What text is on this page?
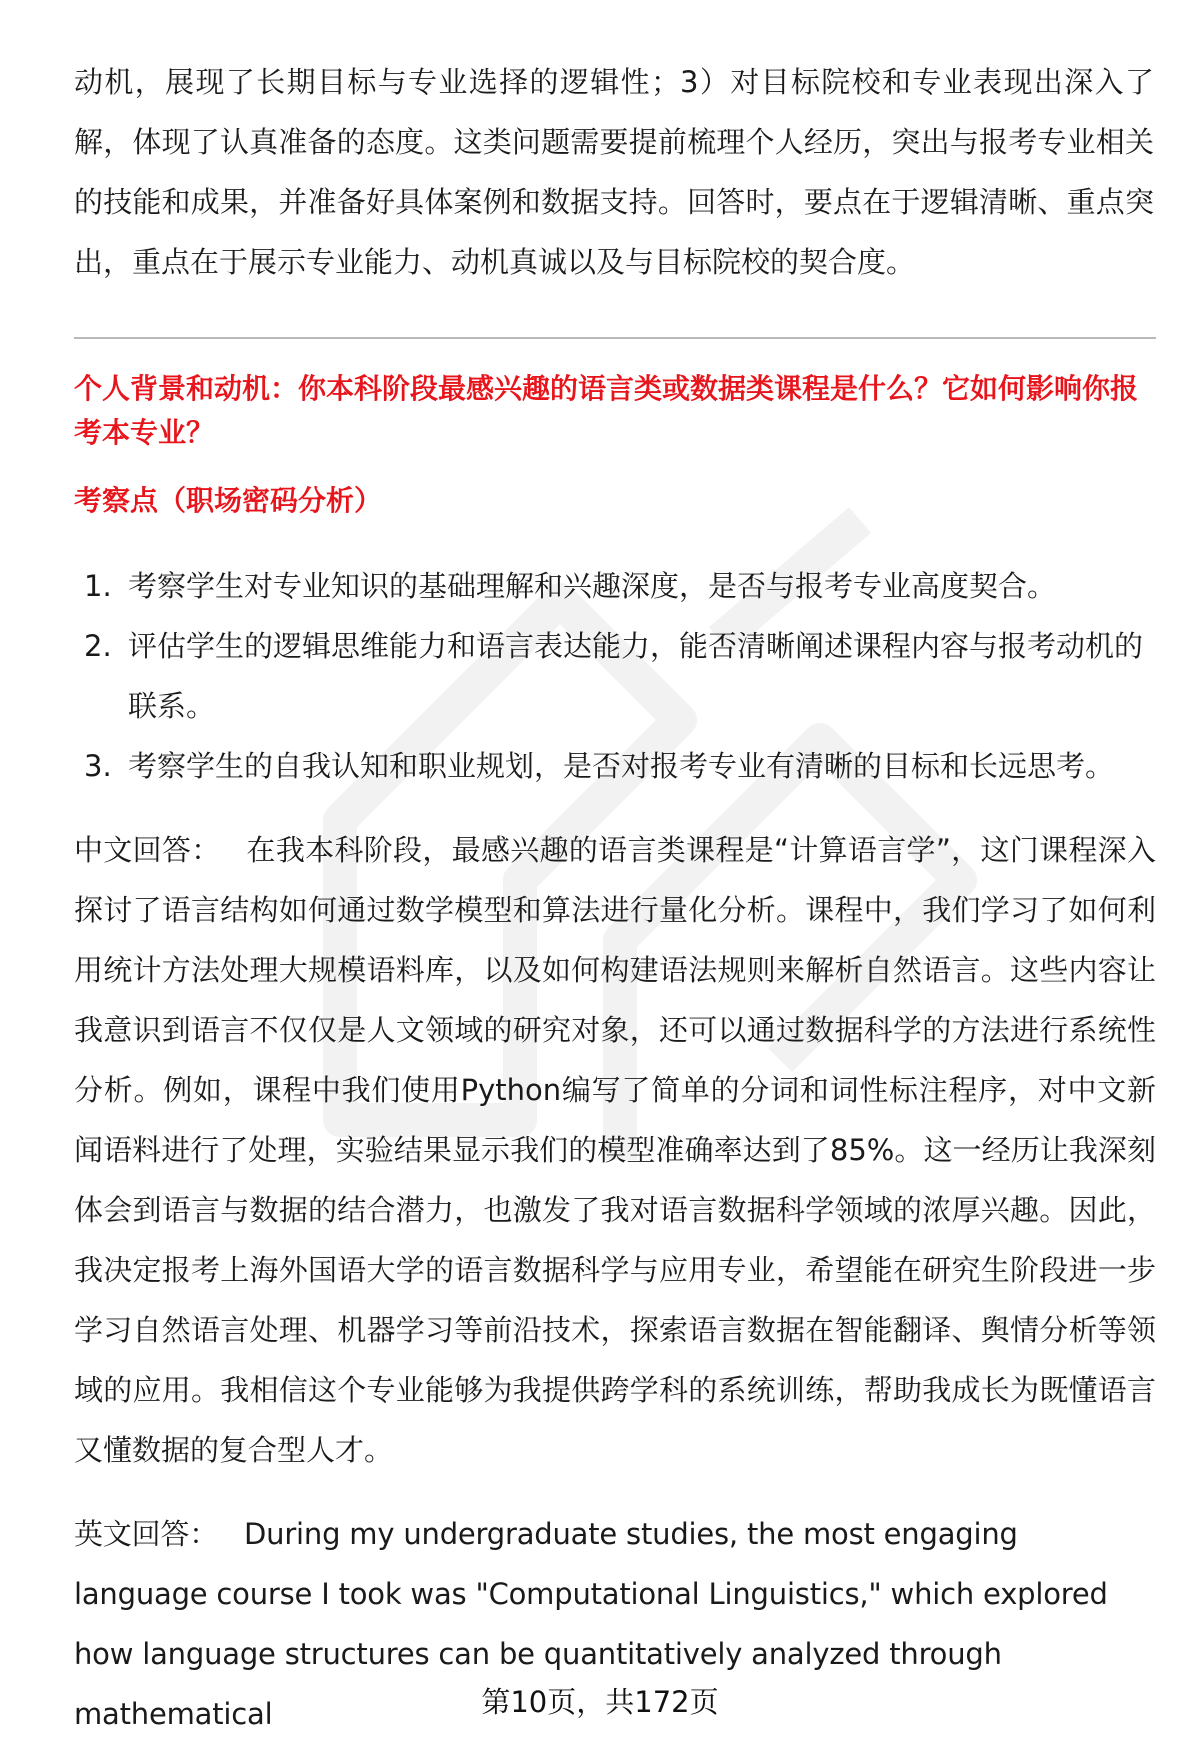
动机，展现了长期目标与专业选择的逻辑性；3）对目标院校和专业表现出深入了解，体现了认真准备的态度。这类问题需要提前梳理个人经历，突出与报考专业相关的技能和成果，并准备好具体案例和数据支持。回答时，要点在于逻辑清晰、重点突出，重点在于展示专业能力、动机真诚以及与目标院校的契合度。

个人背景和动机：你本科阶段最感兴趣的语言类或数据类课程是什么？它如何影响你报考本专业？
考察点（职场密码分析）
1. 考察学生对专业知识的基础理解和兴趣深度，是否与报考专业高度契合。
2. 评估学生的逻辑思维能力和语言表达能力，能否清晰阐述课程内容与报考动机的联系。
3. 考察学生的自我认知和职业规划，是否对报考专业有清晰的目标和长远思考。

中文回答： 在我本科阶段，最感兴趣的语言类课程是“计算语言学”，这门课程深入探讨了语言结构如何通过数学模型和算法进行量化分析。课程中，我们学习了如何利用统计方法处理大规模语料库，以及如何构建语法规则来解析自然语言。这些内容让我意识到语言不仅仅是人文领域的研究对象，还可以通过数据科学的方法进行系统性分析。例如，课程中我们使用Python编写了简单的分词和词性标注程序，对中文新闻语料进行了处理，实验结果显示我们的模型准确率达到了85%。这一经历让我深刻体会到语言与数据的结合潜力，也激发了我对语言数据科学领域的浓厚兴趣。因此，我决定报考上海外国语大学的语言数据科学与应用专业，希望能在研究生阶段进一步学习自然语言处理、机器学习等前沿技术，探索语言数据在智能翻译、舆情分析等领域的应用。我相信这个专业能够为我提供跨学科的系统训练，帮助我成长为既懂语言又懂数据的复合型人才。

英文回答： During my undergraduate studies, the most engaging language course I took was "Computational Linguistics," which explored how language structures can be quantitatively analyzed through mathematical	第10页，共172页
